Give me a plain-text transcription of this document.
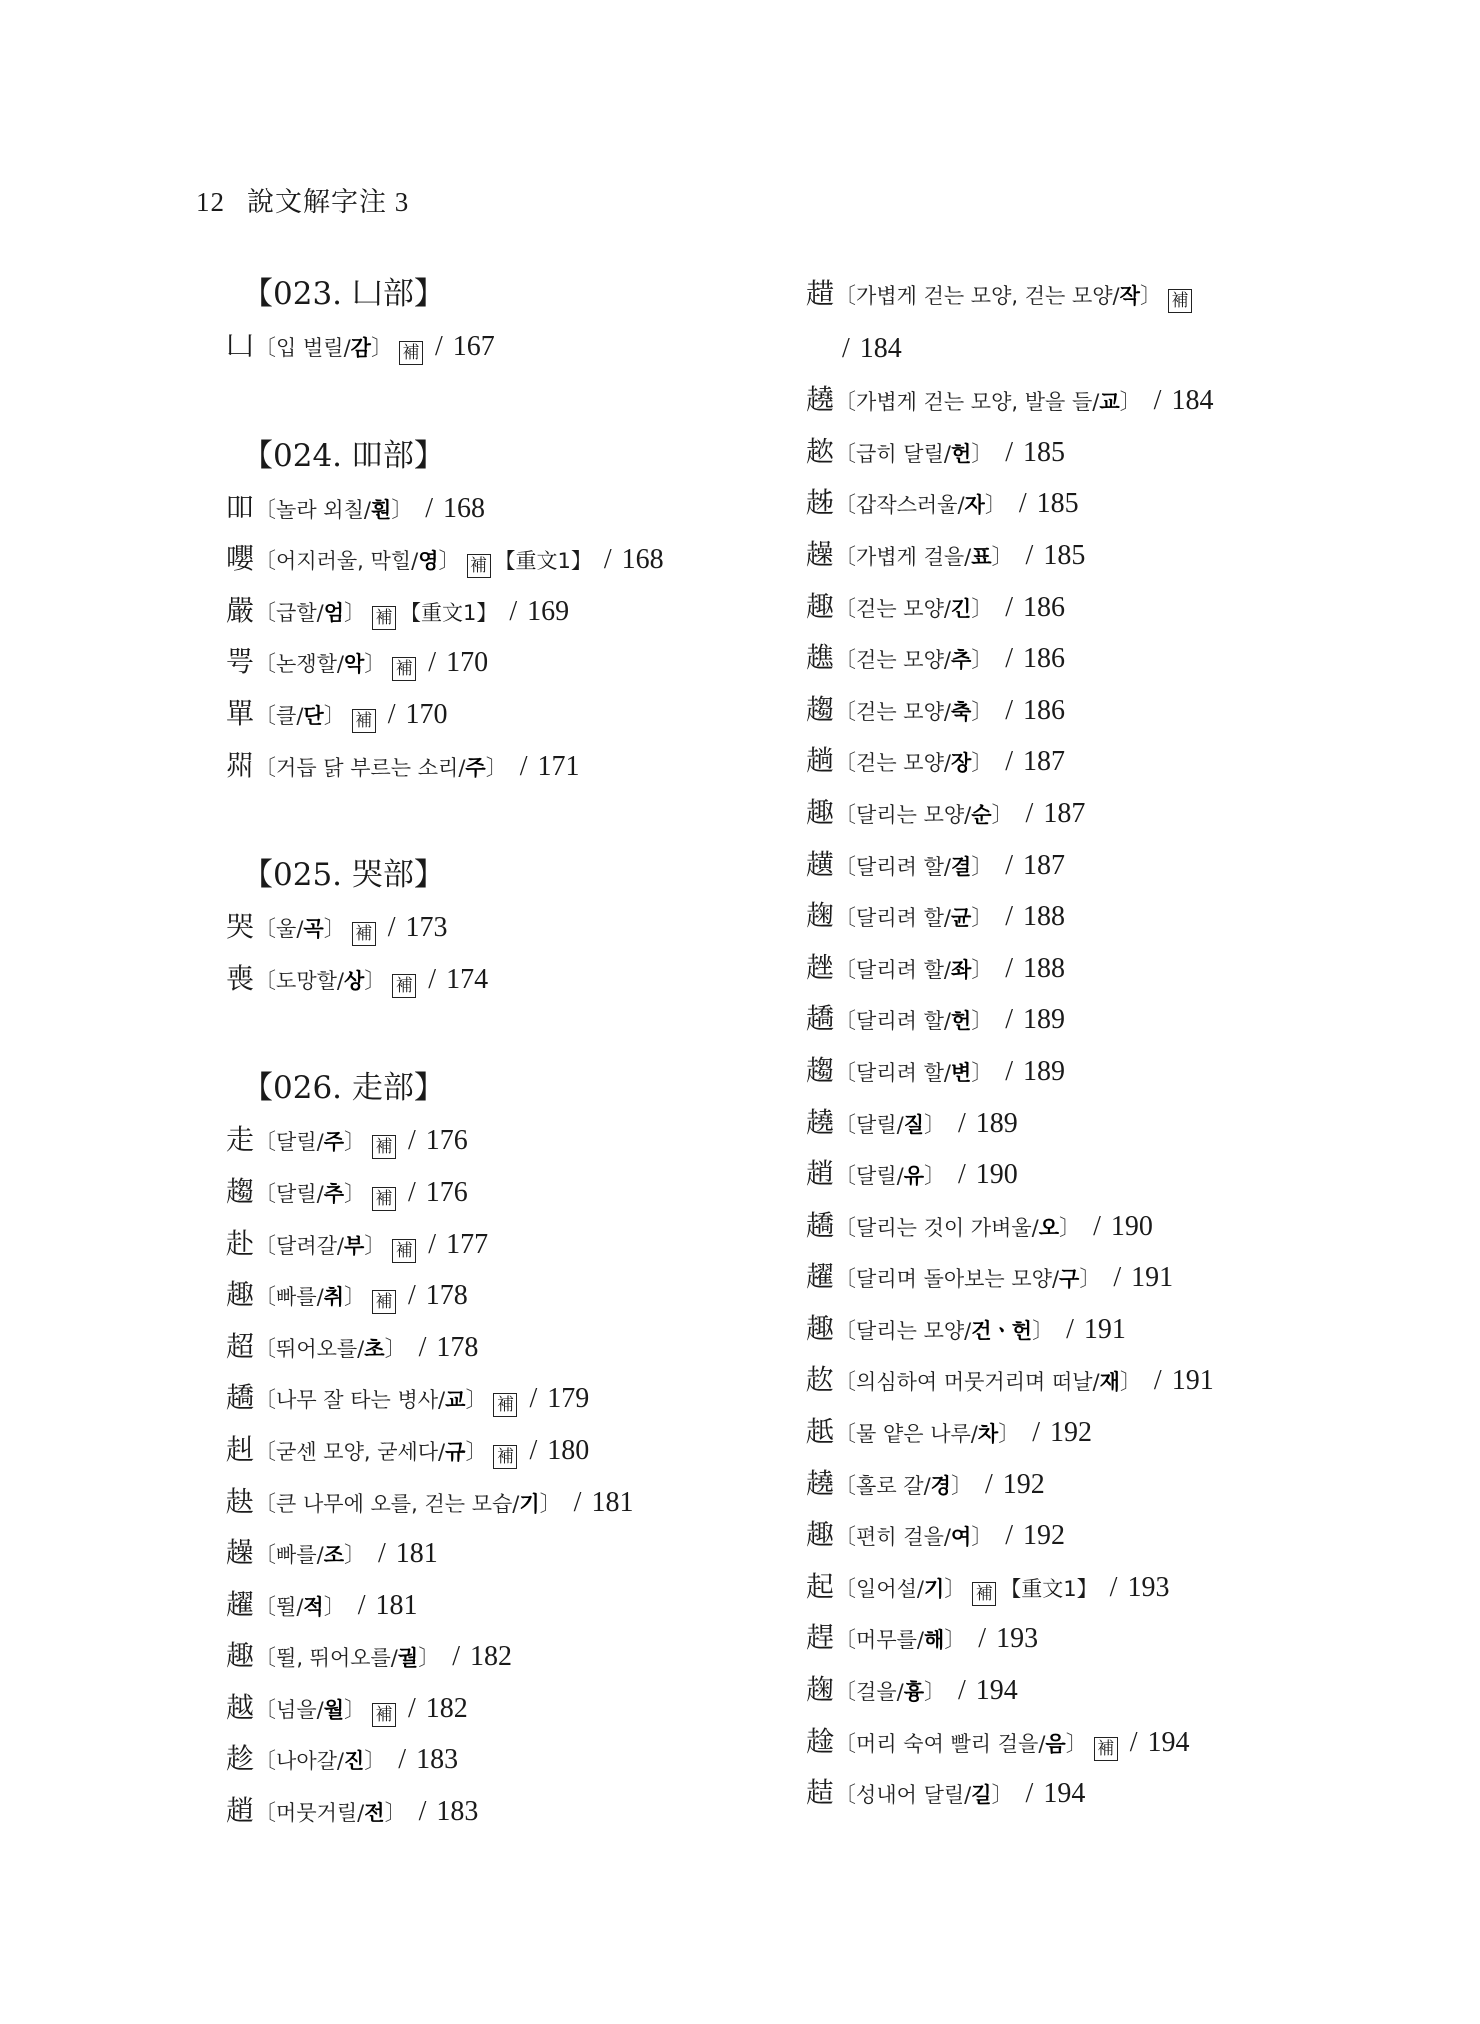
12 說文解字注 3
【023. 凵部】
凵〔입 벌릴/감〕 補 / 167
【024. 吅部】
吅〔놀라 외칠/훤〕 / 168
嚶〔어지러울, 막힐/영〕 補 【重文1】 / 168
嚴〔급할/엄〕 補 【重文1】 / 169
咢〔논쟁할/악〕 補 / 170
單〔클/단〕 補 / 170
喌〔거듭 닭 부르는 소리/주〕 / 171
【025. 哭部】
哭〔울/곡〕 補 / 173
喪〔도망할/상〕 補 / 174
【026. 走部】
走〔달릴/주〕 補 / 176
趨〔달릴/추〕 補 / 176
赴〔달려갈/부〕 補 / 177
趣〔빠를/취〕 補 / 178
超〔뛰어오를/초〕 / 178
趫〔나무 잘 타는 병사/교〕 補 / 179
赳〔굳센 모양, 굳세다/규〕 補 / 180
赽〔큰 나무에 오를, 걷는 모습/기〕 / 181
趮〔빠를/조〕 / 181
趯〔뛸/적〕 / 181
趣〔뛸, 뛰어오를/궐〕 / 182
越〔넘을/월〕 補 / 182
趁〔나아갈/진〕 / 183
趙〔머뭇거릴/전〕 / 183
趞〔가볍게 걷는 모양, 걷는 모양/작〕 補
/ 184
趬〔가볍게 걷는 모양, 발을 들/교〕 / 184
趑〔급히 달릴/헌〕 / 185
趀〔갑작스러울/자〕 / 185
趮〔가볍게 걸을/표〕 / 185
趣〔걷는 모양/긴〕 / 186
趭〔걷는 모양/추〕 / 186
趨〔걷는 모양/축〕 / 186
趟〔걷는 모양/장〕 / 187
趣〔달리는 모양/순〕 / 187
趪〔달리려 할/결〕 / 187
趜〔달리려 할/균〕 / 188
趖〔달리려 할/좌〕 / 188
趫〔달리려 할/헌〕 / 189
趨〔달리려 할/변〕 / 189
趬〔달릴/질〕 / 189
趙〔달릴/유〕 / 190
趫〔달리는 것이 가벼울/오〕 / 190
趯〔달리며 돌아보는 모양/구〕 / 191
趣〔달리는 모양/건ㆍ헌〕 / 191
赼〔의심하여 머뭇거리며 떠날/재〕 / 191
赿〔물 얕은 나루/차〕 / 192
趬〔홀로 갈/경〕 / 192
趣〔편히 걸을/여〕 / 192
起〔일어설/기〕 補 【重文1】 / 193
趕〔머무를/해〕 / 193
趜〔걸을/흉〕 / 194
趛〔머리 숙여 빨리 걸을/음〕 補 / 194
趌〔성내어 달릴/길〕 / 194
